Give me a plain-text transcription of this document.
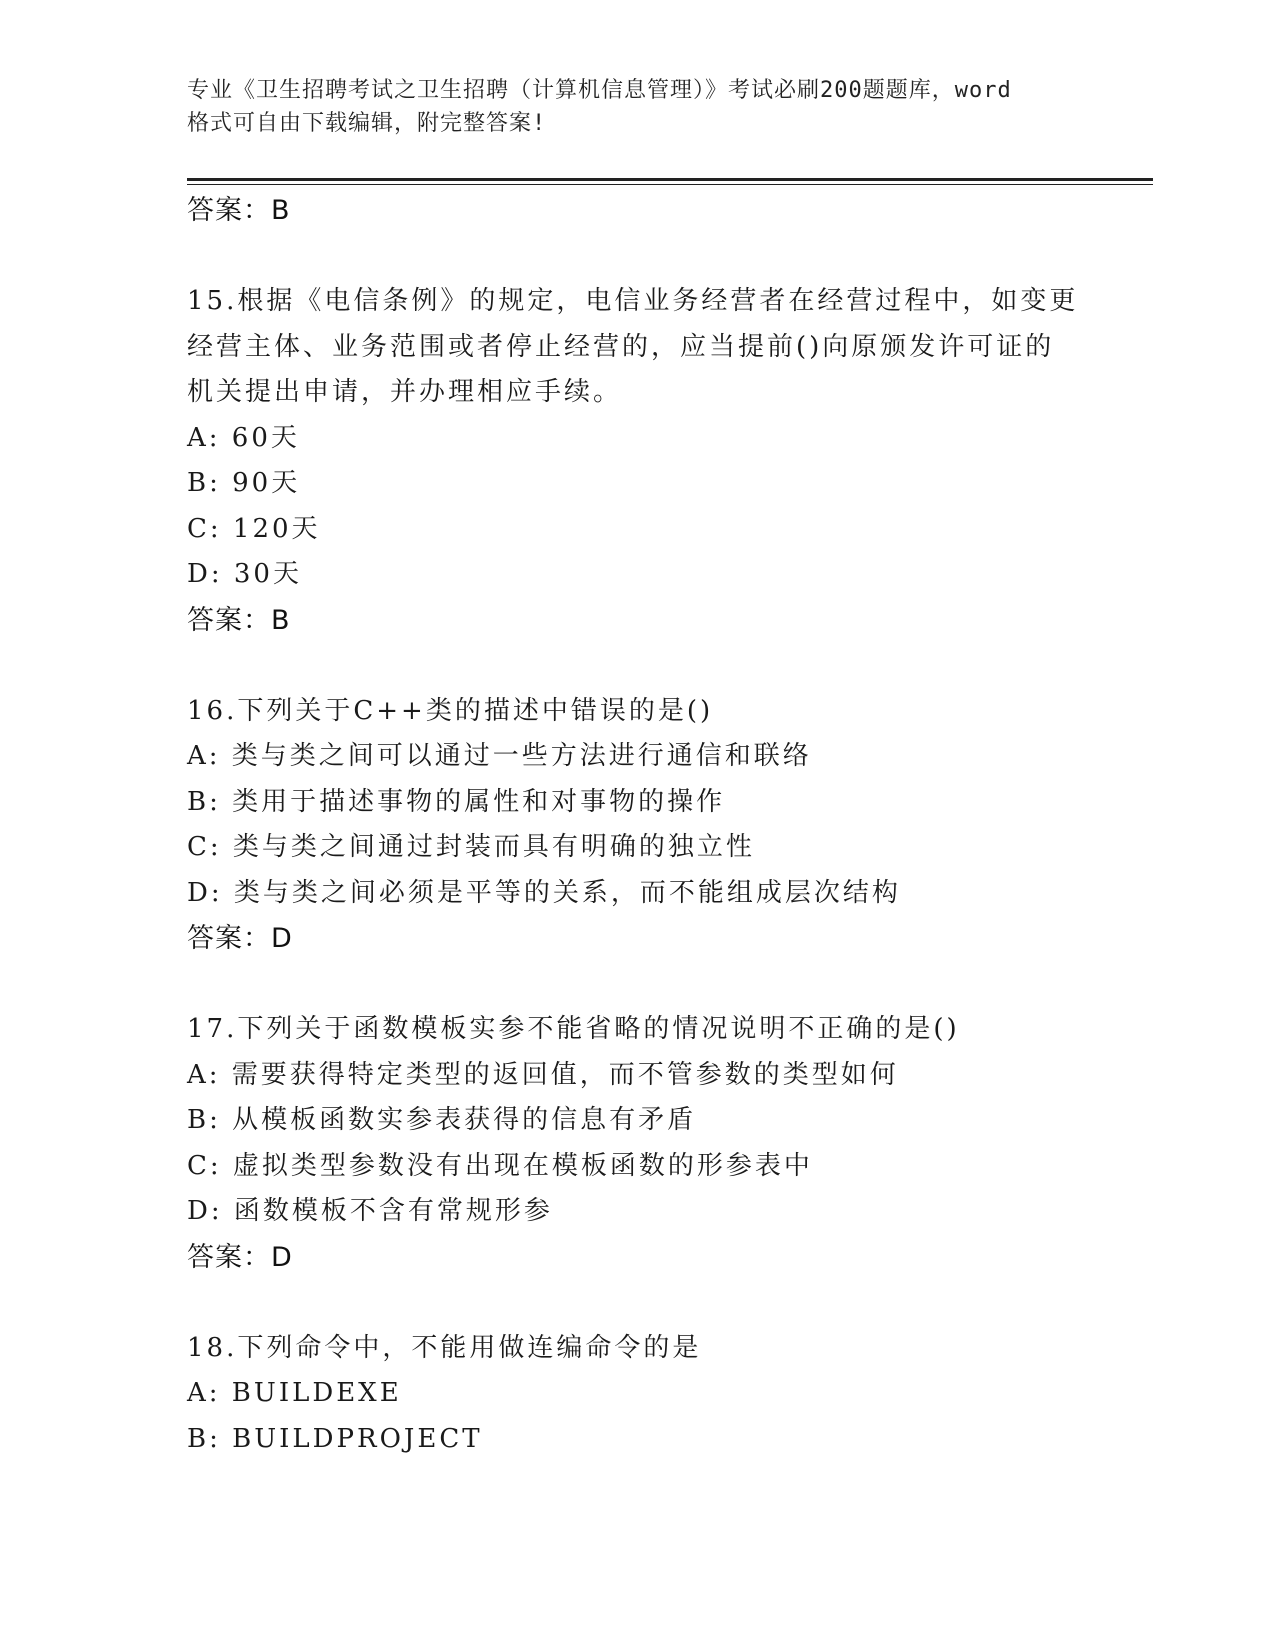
专业《卫生招聘考试之卫生招聘（计算机信息管理）》考试必刷200题题库，word
格式可自由下载编辑，附完整答案!
答案：B
15.根据《电信条例》的规定，电信业务经营者在经营过程中，如变更
经营主体、业务范围或者停止经营的，应当提前()向原颁发许可证的
机关提出申请，并办理相应手续。
A: 60天
B: 90天
C: 120天
D: 30天
答案：B
16.下列关于C++类的描述中错误的是()
A: 类与类之间可以通过一些方法进行通信和联络
B: 类用于描述事物的属性和对事物的操作
C: 类与类之间通过封装而具有明确的独立性
D: 类与类之间必须是平等的关系，而不能组成层次结构
答案：D
17.下列关于函数模板实参不能省略的情况说明不正确的是()
A: 需要获得特定类型的返回值，而不管参数的类型如何
B: 从模板函数实参表获得的信息有矛盾
C: 虚拟类型参数没有出现在模板函数的形参表中
D: 函数模板不含有常规形参
答案：D
18.下列命令中，不能用做连编命令的是
A: BUILDEXE
B: BUILDPROJECT
